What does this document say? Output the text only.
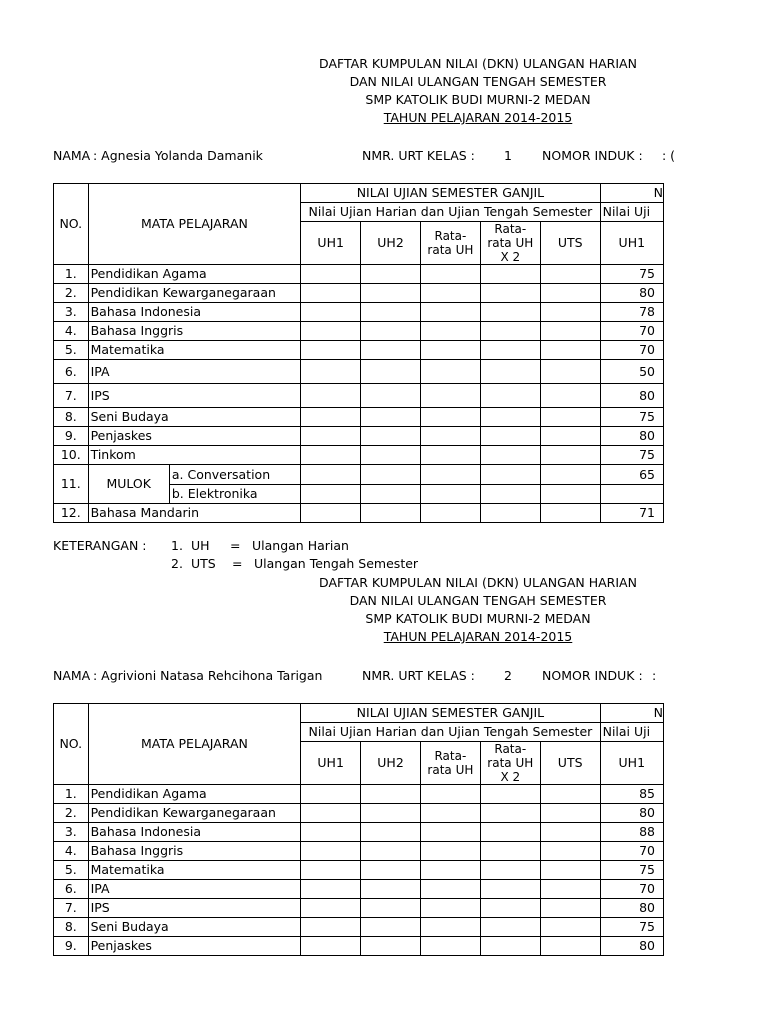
DAFTAR KUMPULAN NILAI (DKN) ULANGAN HARIAN
DAN NILAI ULANGAN TENGAH SEMESTER
SMP KATOLIK BUDI MURNI-2 MEDAN
TAHUN PELAJARAN 2014-2015
NAMA : Agnesia Yolanda Damanik	NMR. URT KELAS : 1 NOMOR INDUK : : (
NO.	MATA PELAJARAN		NILAI UJIAN SEMESTER GANJIL					N
			Nilai Ujian Harian dan Ujian Tengah Semester					Nilai Uji
			UH1	UH2	Rata-rata UH	Rata-rata UH X 2	UTS	UH1
1.	Pendidikan Agama							75
2.	Pendidikan Kewarganegaraan							80
3.	Bahasa Indonesia							78
4.	Bahasa Inggris							70
5.	Matematika							70
6.	IPA							50
7.	IPS							80
8.	Seni Budaya							75
9.	Penjaskes							80
10.	Tinkom							75
11.	MULOK	a. Conversation						65
		b. Elektronika						
12.	Bahasa Mandarin							71
KETERANGAN : 1. UH = Ulangan Harian
2. UTS = Ulangan Tengah Semester
DAFTAR KUMPULAN NILAI (DKN) ULANGAN HARIAN
DAN NILAI ULANGAN TENGAH SEMESTER
SMP KATOLIK BUDI MURNI-2 MEDAN
TAHUN PELAJARAN 2014-2015
NAMA : Agrivioni Natasa Rehcihona Tarigan	NMR. URT KELAS : 2 NOMOR INDUK : :
NO.	MATA PELAJARAN	NILAI UJIAN SEMESTER GANJIL					N
		Nilai Ujian Harian dan Ujian Tengah Semester					Nilai Uji
		UH1	UH2	Rata-rata UH	Rata-rata UH X 2	UTS	UH1
1.	Pendidikan Agama						85
2.	Pendidikan Kewarganegaraan						80
3.	Bahasa Indonesia						88
4.	Bahasa Inggris						70
5.	Matematika						75
6.	IPA						70
7.	IPS						80
8.	Seni Budaya						75
9.	Penjaskes						80
